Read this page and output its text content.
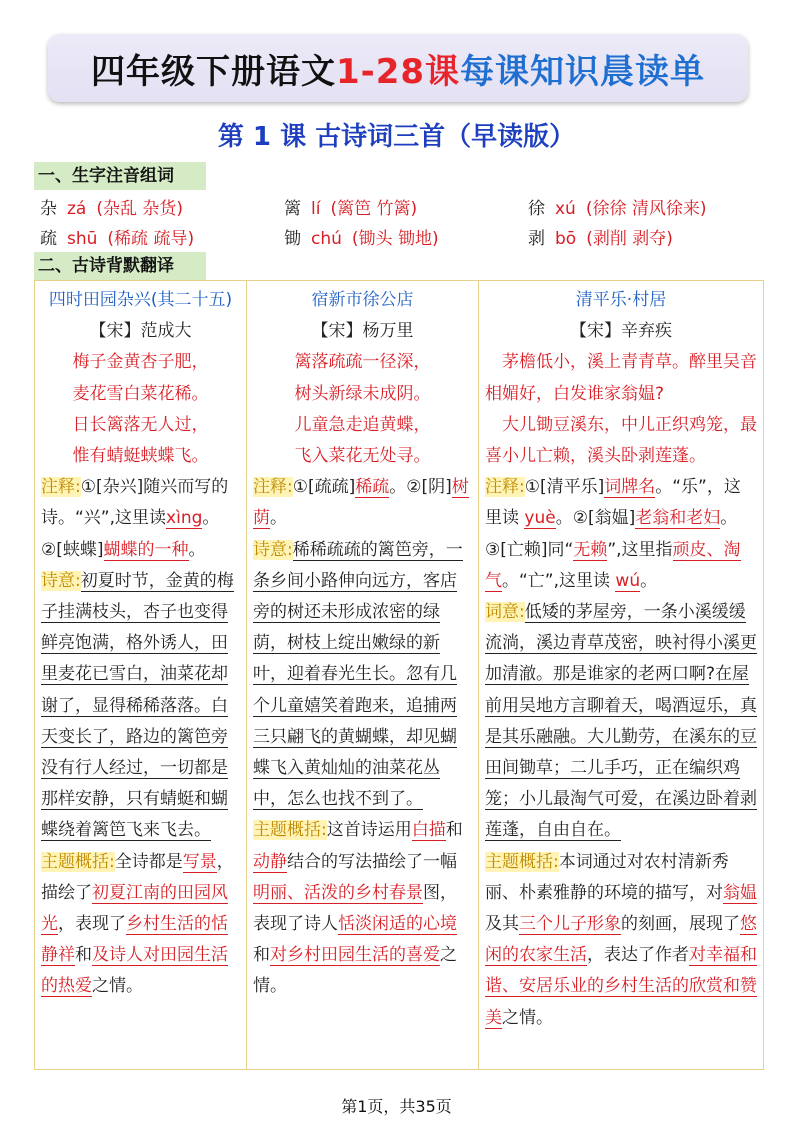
四年级下册语文 1-28课 每课知识晨读单
第 1 课 古诗词三首（早读版）
一、生字注音组词
杂 zá (杂乱 杂货)	篱 lí (篱笆 竹篱)	徐 xú (徐徐 清风徐来)
疏 shū (稀疏 疏导)	锄 chú (锄头 锄地)	剥 bō (剥削 剥夺)
二、古诗背默翻译
四时田园杂兴(其二十五)
【宋】范成大
梅子金黄杏子肥，
麦花雪白菜花稀。
日长篱落无人过，
惟有蜻蜓蛱蝶飞。
注释:①[杂兴]随兴而写的诗。“兴”,这里读xìng。②[蛱蝶]蝴蝶的一种。
诗意:初夏时节，金黄的梅子挂满枝头，杏子也变得鲜亮饱满，格外诱人，田里麦花已雪白，油菜花却谢了，显得稀稀落落。白天变长了，路边的篱笆旁没有行人经过，一切都是那样安静，只有蜻蜓和蝴蝶绕着篱笆飞来飞去。
主题概括:全诗都是写景，描绘了初夏江南的田园风光，表现了乡村生活的恬静祥和及诗人对田园生活的热爱之情。
宿新市徐公店
【宋】杨万里
篱落疏疏一径深，
树头新绿未成阴。
儿童急走追黄蝶，
飞入菜花无处寻。
注释:①[疏疏]稀疏。②[阴]树荫。
诗意:稀稀疏疏的篱笆旁，一条乡间小路伸向远方，客店旁的树还未形成浓密的绿荫，树枝上绽出嫩绿的新叶，迎着春光生长。忽有几个儿童嬉笑着跑来，追捕两三只翩飞的黄蝴蝶，却见蝴蝶飞入黄灿灿的油菜花丛中，怎么也找不到了。
主题概括:这首诗运用白描和动静结合的写法描绘了一幅明丽、活泼的乡村春景图，表现了诗人恬淡闲适的心境和对乡村田园生活的喜爱之情。
清平乐·村居
【宋】辛弃疾
茅檐低小，溪上青青草。醉里吴音相媚好，白发谁家翁媪?
大儿锄豆溪东，中儿正织鸡笼，最喜小儿亡赖，溪头卧剥莲蓬。
注释:①[清平乐]词牌名。“乐”，这里读 yuè。②[翁媪]老翁和老妇。③[亡赖]同“无赖”,这里指顽皮、淘气。“亡”,这里读 wú。
词意:低矮的茅屋旁，一条小溪缓缓流淌，溪边青草茂密，映衬得小溪更加清澈。那是谁家的老两口啊?在屋前用吴地方言聊着天，喝酒逗乐，真是其乐融融。大儿勤劳，在溪东的豆田间锄草；二儿手巧，正在编织鸡笼；小儿最淘气可爱，在溪边卧着剥莲蓬，自由自在。
主题概括:本词通过对农村清新秀丽、朴素雅静的环境的描写，对翁媪及其三个儿子形象的刻画，展现了悠闲的农家生活，表达了作者对幸福和谐、安居乐业的乡村生活的欣赏和赞美之情。
第1页，共35页
